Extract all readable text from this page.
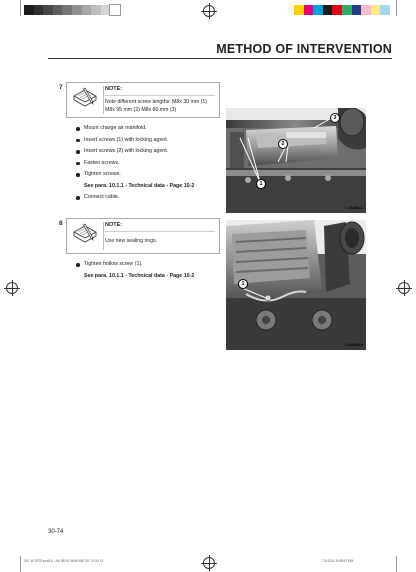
METHOD OF INTERVENTION
7	NOTE:
Note different screw lengths: M8x 30 mm (1)
M8x 95 mm (2) M8x 80 mm (3)
Mount charge air manifold.
Insert screws (1) with locking agent.
Insert screws (2) with locking agent.
Fasten screws.
Tighten screws.
See para. 10.1.1 - Technical data - Page 10-2
Connect cable.
3
2
1
C-40491-1
8	NOTE:
Use new sealing rings.
Tighten hollow screw (1).
See para. 10.1.1 - Technical data - Page 10-2
1
C-40489-0
30-74
307 W 3275 pro5.0 - A4 IBOS 0404 05E 30.74 30-74	7.8.2011 9:48:57 PM
